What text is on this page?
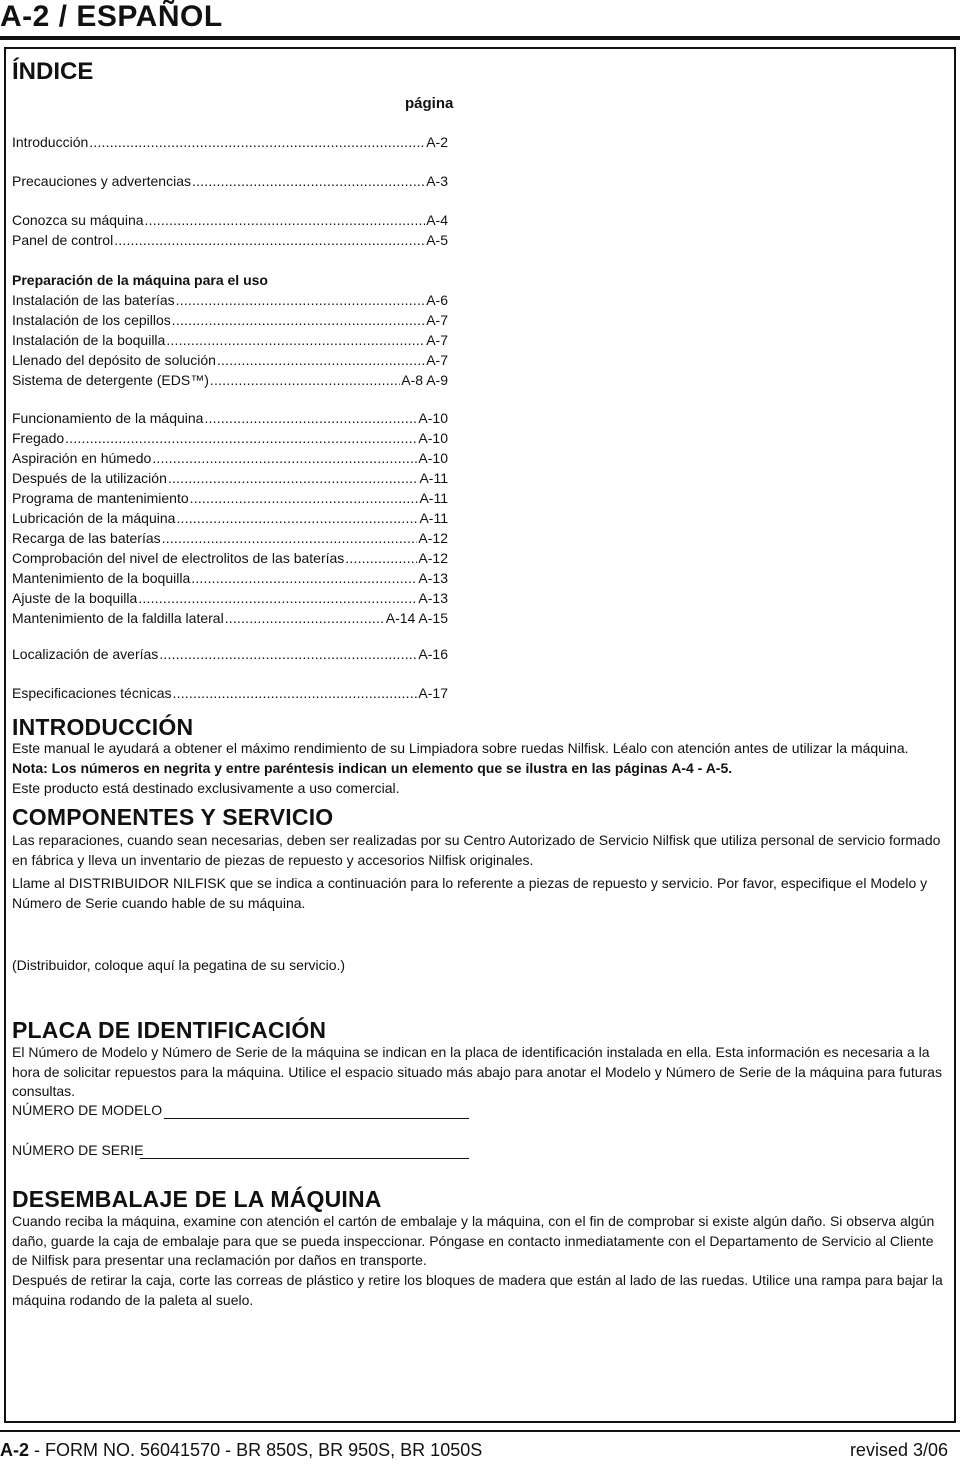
A-2 / ESPAÑOL
ÍNDICE
página
Introducción .....	A-2
Precauciones y advertencias .....	A-3
Conozca su máquina .....	A-4
Panel de control .....	A-5
Preparación de la máquina para el uso
Instalación de las baterías .....	A-6
Instalación de los cepillos .....	A-7
Instalación de la boquilla .....	A-7
Llenado del depósito de solución .....	A-7
Sistema de detergente (EDS™) .....	A-8 A-9
Funcionamiento de la máquina .....	A-10
Fregado .....	A-10
Aspiración en húmedo .....	A-10
Después de la utilización .....	A-11
Programa de mantenimiento .....	A-11
Lubricación de la máquina .....	A-11
Recarga de las baterías .....	A-12
Comprobación del nivel de electrolitos de las baterías .....	A-12
Mantenimiento de la boquilla .....	A-13
Ajuste de la boquilla .....	A-13
Mantenimiento de la faldilla lateral .....	A-14 A-15
Localización de averías .....	A-16
Especificaciones técnicas .....	A-17
INTRODUCCIÓN

Este manual le ayudará a obtener el máximo rendimiento de su Limpiadora sobre ruedas Nilfisk. Léalo con atención antes de utilizar la máquina.

Nota: Los números en negrita y entre paréntesis indican un elemento que se ilustra en las páginas A-4 - A-5.

Este producto está destinado exclusivamente a uso comercial.

COMPONENTES Y SERVICIO

Las reparaciones, cuando sean necesarias, deben ser realizadas por su Centro Autorizado de Servicio Nilfisk que utiliza personal de servicio formado en fábrica y lleva un inventario de piezas de repuesto y accesorios Nilfisk originales.

Llame al DISTRIBUIDOR NILFISK que se indica a continuación para lo referente a piezas de repuesto y servicio. Por favor, especifique el Modelo y Número de Serie cuando hable de su máquina.

(Distribuidor, coloque aquí la pegatina de su servicio.)

PLACA DE IDENTIFICACIÓN

El Número de Modelo y Número de Serie de la máquina se indican en la placa de identificación instalada en ella. Esta información es necesaria a la hora de solicitar repuestos para la máquina. Utilice el espacio situado más abajo para anotar el Modelo y Número de Serie de la máquina para futuras consultas.

NÚMERO DE MODELO
NÚMERO DE SERIE
DESEMBALAJE DE LA MÁQUINA

Cuando reciba la máquina, examine con atención el cartón de embalaje y la máquina, con el fin de comprobar si existe algún daño. Si observa algún daño, guarde la caja de embalaje para que se pueda inspeccionar. Póngase en contacto inmediatamente con el Departamento de Servicio al Cliente de Nilfisk para presentar una reclamación por daños en transporte.

Después de retirar la caja, corte las correas de plástico y retire los bloques de madera que están al lado de las ruedas. Utilice una rampa para bajar la máquina rodando de la paleta al suelo.

A-2 - FORM NO. 56041570 - BR 850S, BR 950S, BR 1050S	revised 3/06
